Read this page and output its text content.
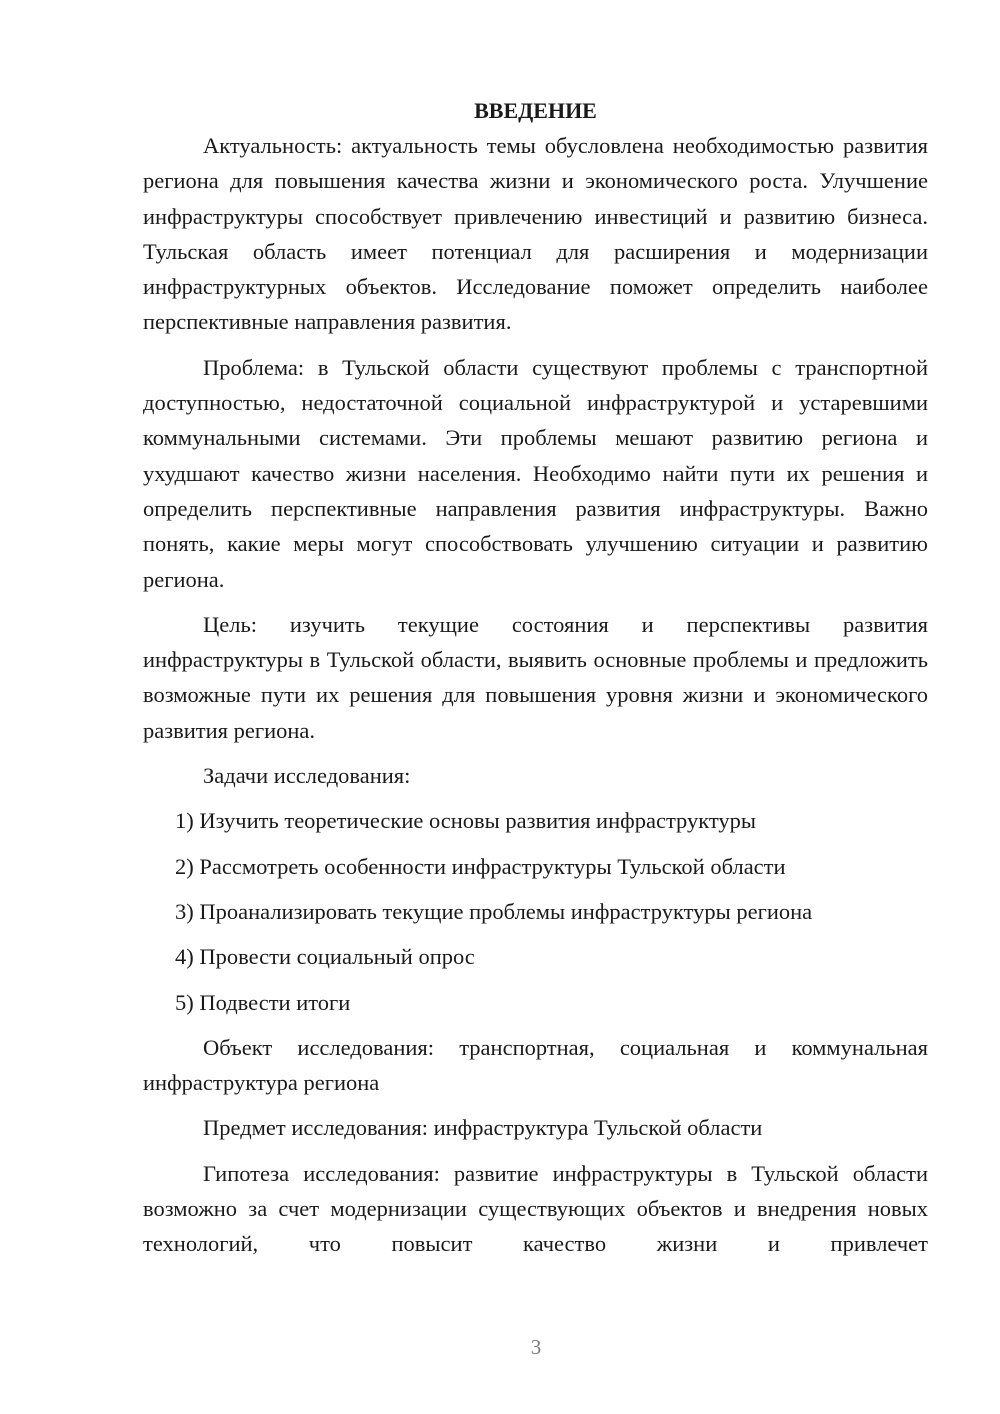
ВВЕДЕНИЕ

Актуальность: актуальность темы обусловлена необходимостью развития региона для повышения качества жизни и экономического роста. Улучшение инфраструктуры способствует привлечению инвестиций и развитию бизнеса. Тульская область имеет потенциал для расширения и модернизации инфраструктурных объектов. Исследование поможет определить наиболее перспективные направления развития.

Проблема: в Тульской области существуют проблемы с транспортной доступностью, недостаточной социальной инфраструктурой и устаревшими коммунальными системами. Эти проблемы мешают развитию региона и ухудшают качество жизни населения. Необходимо найти пути их решения и определить перспективные направления развития инфраструктуры. Важно понять, какие меры могут способствовать улучшению ситуации и развитию региона.

Цель: изучить текущие состояния и перспективы развития инфраструктуры в Тульской области, выявить основные проблемы и предложить возможные пути их решения для повышения уровня жизни и экономического развития региона.

Задачи исследования:

1) Изучить теоретические основы развития инфраструктуры
2) Рассмотреть особенности инфраструктуры Тульской области
3) Проанализировать текущие проблемы инфраструктуры региона
4) Провести социальный опрос
5) Подвести итоги

Объект исследования: транспортная, социальная и коммунальная инфраструктура региона

Предмет исследования: инфраструктура Тульской области

Гипотеза исследования: развитие инфраструктуры в Тульской области возможно за счет модернизации существующих объектов и внедрения новых технологий, что повысит качество жизни и привлечет

3
